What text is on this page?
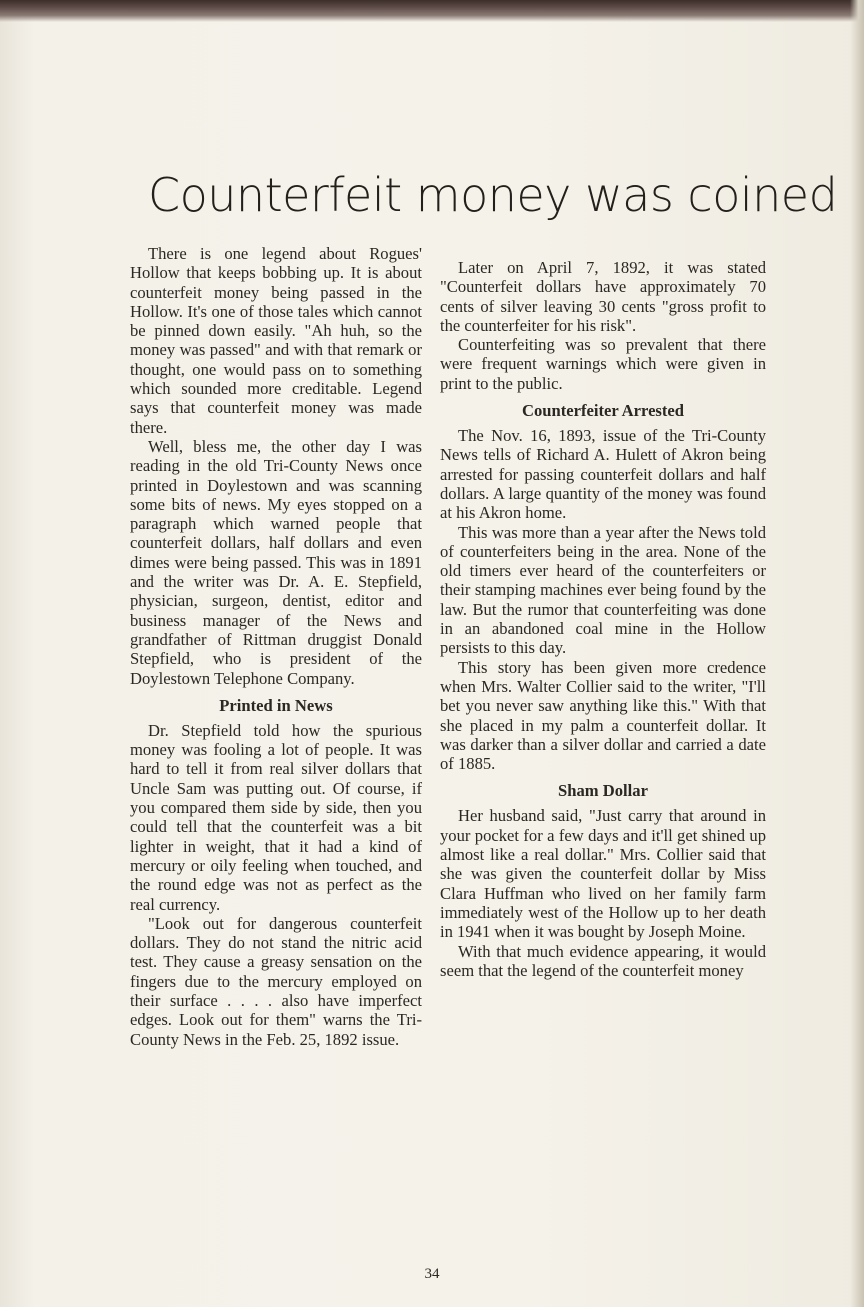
Counterfeit money was coined

There is one legend about Rogues' Hollow that keeps bobbing up. It is about counterfeit money being passed in the Hollow. It's one of those tales which cannot be pinned down easily. "Ah huh, so the money was passed" and with that remark or thought, one would pass on to something which sounded more creditable. Legend says that counterfeit money was made there.

Well, bless me, the other day I was reading in the old Tri-County News once printed in Doylestown and was scanning some bits of news. My eyes stopped on a paragraph which warned people that counterfeit dollars, half dollars and even dimes were being passed. This was in 1891 and the writer was Dr. A. E. Stepfield, physician, surgeon, dentist, editor and business manager of the News and grandfather of Rittman druggist Donald Stepfield, who is president of the Doylestown Telephone Company.

Printed in News

Dr. Stepfield told how the spurious money was fooling a lot of people. It was hard to tell it from real silver dollars that Uncle Sam was putting out. Of course, if you compared them side by side, then you could tell that the counterfeit was a bit lighter in weight, that it had a kind of mercury or oily feeling when touched, and the round edge was not as perfect as the real currency.

"Look out for dangerous counterfeit dollars. They do not stand the nitric acid test. They cause a greasy sensation on the fingers due to the mercury employed on their surface . . . . also have imperfect edges. Look out for them" warns the Tri-County News in the Feb. 25, 1892 issue.

Later on April 7, 1892, it was stated "Counterfeit dollars have approximately 70 cents of silver leaving 30 cents "gross profit to the counterfeiter for his risk".

Counterfeiting was so prevalent that there were frequent warnings which were given in print to the public.

Counterfeiter Arrested

The Nov. 16, 1893, issue of the Tri-County News tells of Richard A. Hulett of Akron being arrested for passing counterfeit dollars and half dollars. A large quantity of the money was found at his Akron home.

This was more than a year after the News told of counterfeiters being in the area. None of the old timers ever heard of the counterfeiters or their stamping machines ever being found by the law. But the rumor that counterfeiting was done in an abandoned coal mine in the Hollow persists to this day.

This story has been given more credence when Mrs. Walter Collier said to the writer, "I'll bet you never saw anything like this." With that she placed in my palm a counterfeit dollar. It was darker than a silver dollar and carried a date of 1885.

Sham Dollar

Her husband said, "Just carry that around in your pocket for a few days and it'll get shined up almost like a real dollar." Mrs. Collier said that she was given the counterfeit dollar by Miss Clara Huffman who lived on her family farm immediately west of the Hollow up to her death in 1941 when it was bought by Joseph Moine.

With that much evidence appearing, it would seem that the legend of the counterfeit money

34
